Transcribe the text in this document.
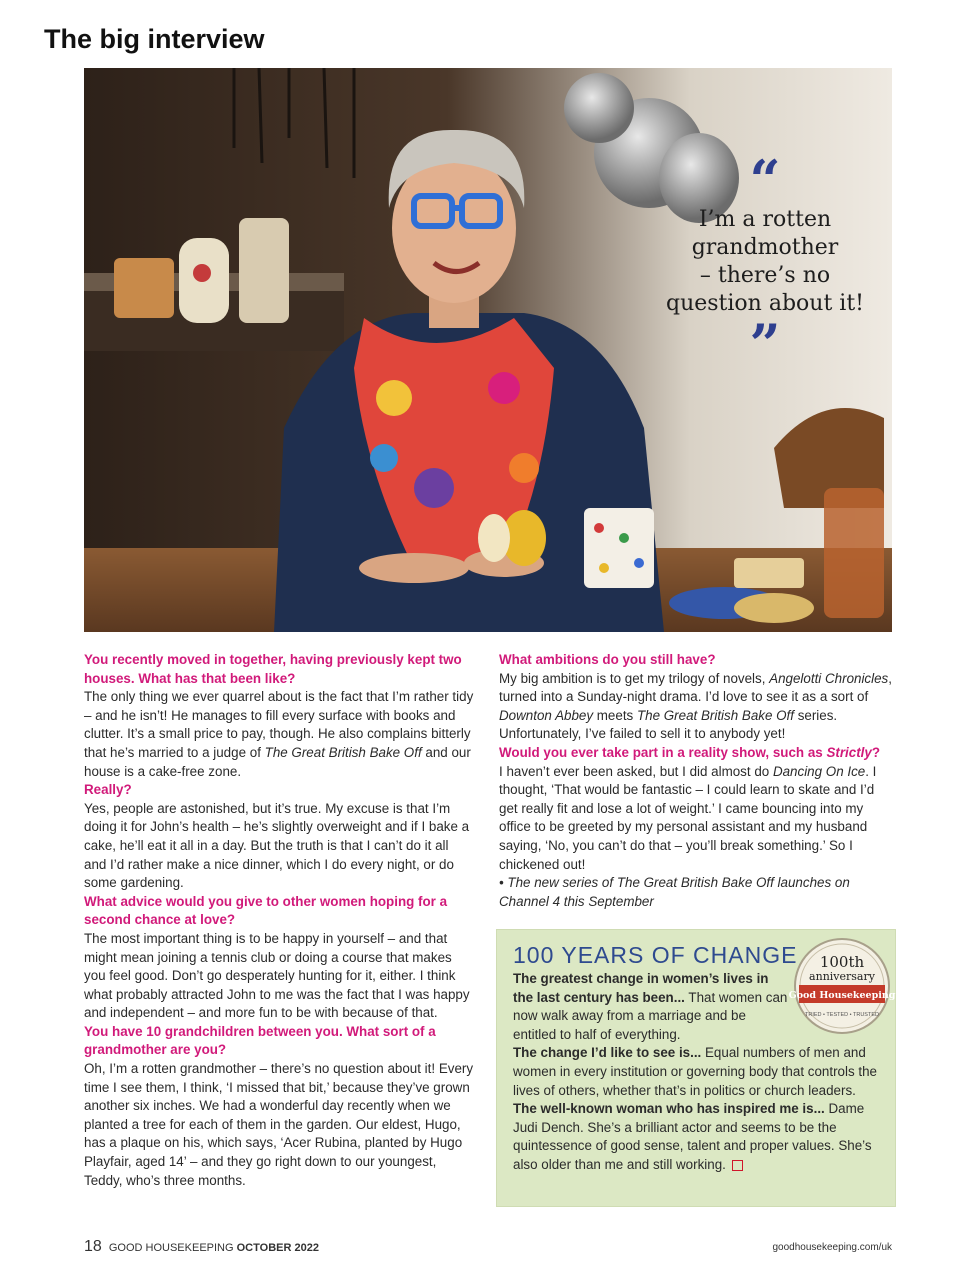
The big interview
“
I’m a rotten
grandmother
– there’s no
question about it!
”
You recently moved in together, having previously kept two houses. What has that been like?
The only thing we ever quarrel about is the fact that I’m rather tidy – and he isn’t! He manages to fill every surface with books and clutter. It’s a small price to pay, though. He also complains bitterly that he’s married to a judge of The Great British Bake Off and our house is a cake-free zone.
Really?
Yes, people are astonished, but it’s true. My excuse is that I’m doing it for John’s health – he’s slightly overweight and if I bake a cake, he’ll eat it all in a day. But the truth is that I can’t do it all and I’d rather make a nice dinner, which I do every night, or do some gardening.
What advice would you give to other women hoping for a second chance at love?
The most important thing is to be happy in yourself – and that might mean joining a tennis club or doing a course that makes you feel good. Don’t go desperately hunting for it, either. I think what probably attracted John to me was the fact that I was happy and independent – and more fun to be with because of that.
You have 10 grandchildren between you. What sort of a grandmother are you?
Oh, I’m a rotten grandmother – there’s no question about it! Every time I see them, I think, ‘I missed that bit,’ because they’ve grown another six inches. We had a wonderful day recently when we planted a tree for each of them in the garden. Our eldest, Hugo, has a plaque on his, which says, ‘Acer Rubina, planted by Hugo Playfair, aged 14’ – and they go right down to our youngest, Teddy, who’s three months.
What ambitions do you still have?
My big ambition is to get my trilogy of novels, Angelotti Chronicles, turned into a Sunday-night drama. I’d love to see it as a sort of Downton Abbey meets The Great British Bake Off series. Unfortunately, I’ve failed to sell it to anybody yet!
Would you ever take part in a reality show, such as Strictly?
I haven’t ever been asked, but I did almost do Dancing On Ice. I thought, ‘That would be fantastic – I could learn to skate and I’d get really fit and lose a lot of weight.’ I came bouncing into my office to be greeted by my personal assistant and my husband saying, ‘No, you can’t do that – you’ll break something.’ So I chickened out!
• The new series of The Great British Bake Off launches on Channel 4 this September
100 YEARS OF CHANGE 100th
anniversary
Good Housekeeping
TRIED • TESTED • TRUSTED

The greatest change in women’s lives in the last century has been... That women can now walk away from a marriage and be entitled to half of everything.

The change I’d like to see is... Equal numbers of men and women in every institution or governing body that controls the lives of others, whether that’s in politics or church leaders.

The well-known woman who has inspired me is... Dame Judi Dench. She’s a brilliant actor and seems to be the quintessence of good sense, talent and proper values. She’s also older than me and still working.

18 GOOD HOUSEKEEPING OCTOBER 2022	goodhousekeeping.com/uk
